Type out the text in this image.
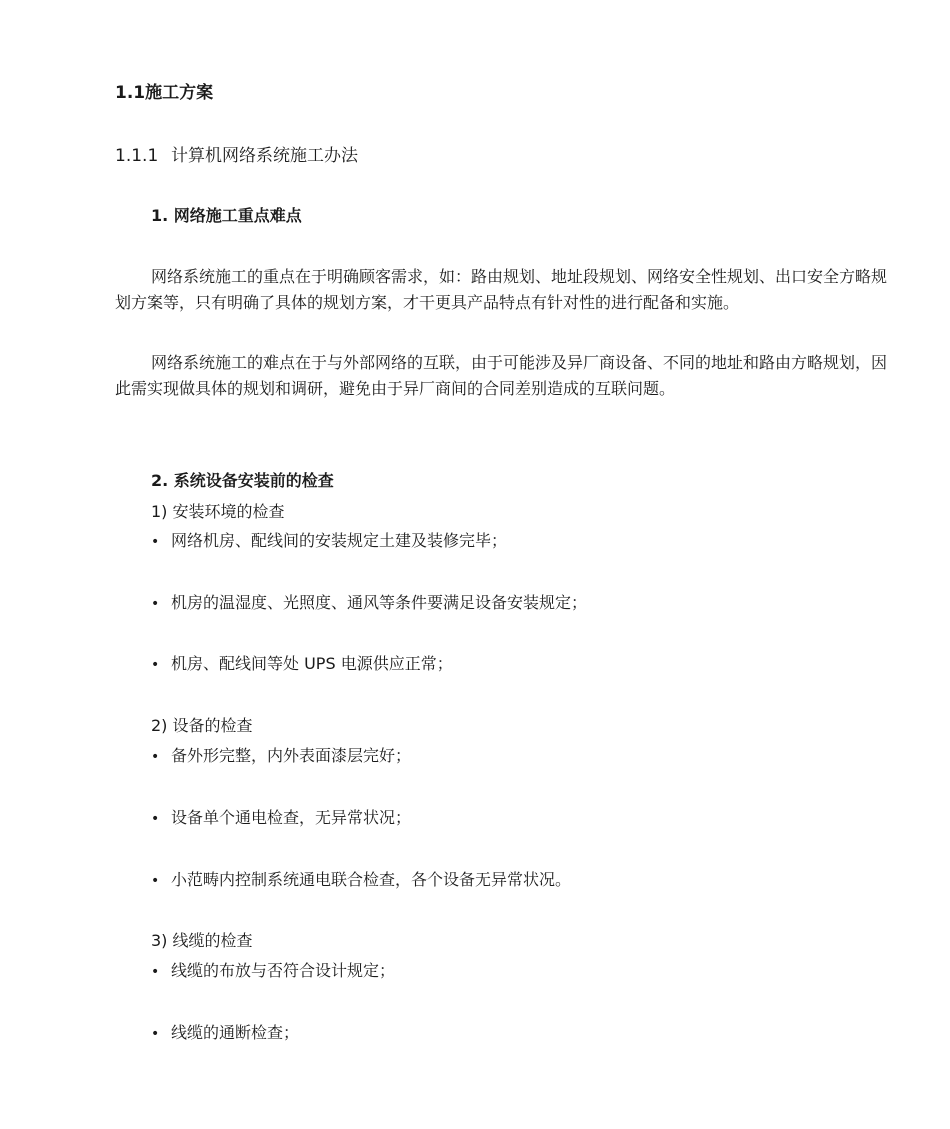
1.1施工方案
1.1.1 计算机网络系统施工办法
1. 网络施工重点难点
网络系统施工的重点在于明确顾客需求，如：路由规划、地址段规划、网络安全性规划、出口安全方略规划方案等，只有明确了具体的规划方案，才干更具产品特点有针对性的进行配备和实施。
网络系统施工的难点在于与外部网络的互联，由于可能涉及异厂商设备、不同的地址和路由方略规划，因此需实现做具体的规划和调研，避免由于异厂商间的合同差别造成的互联问题。
2. 系统设备安装前的检查
1) 安装环境的检查
• 网络机房、配线间的安装规定土建及装修完毕；
• 机房的温湿度、光照度、通风等条件要满足设备安装规定；
• 机房、配线间等处 UPS 电源供应正常；
2) 设备的检查
• 备外形完整，内外表面漆层完好；
• 设备单个通电检查，无异常状况；
• 小范畴内控制系统通电联合检查，各个设备无异常状况。
3) 线缆的检查
• 线缆的布放与否符合设计规定；
• 线缆的通断检查；
